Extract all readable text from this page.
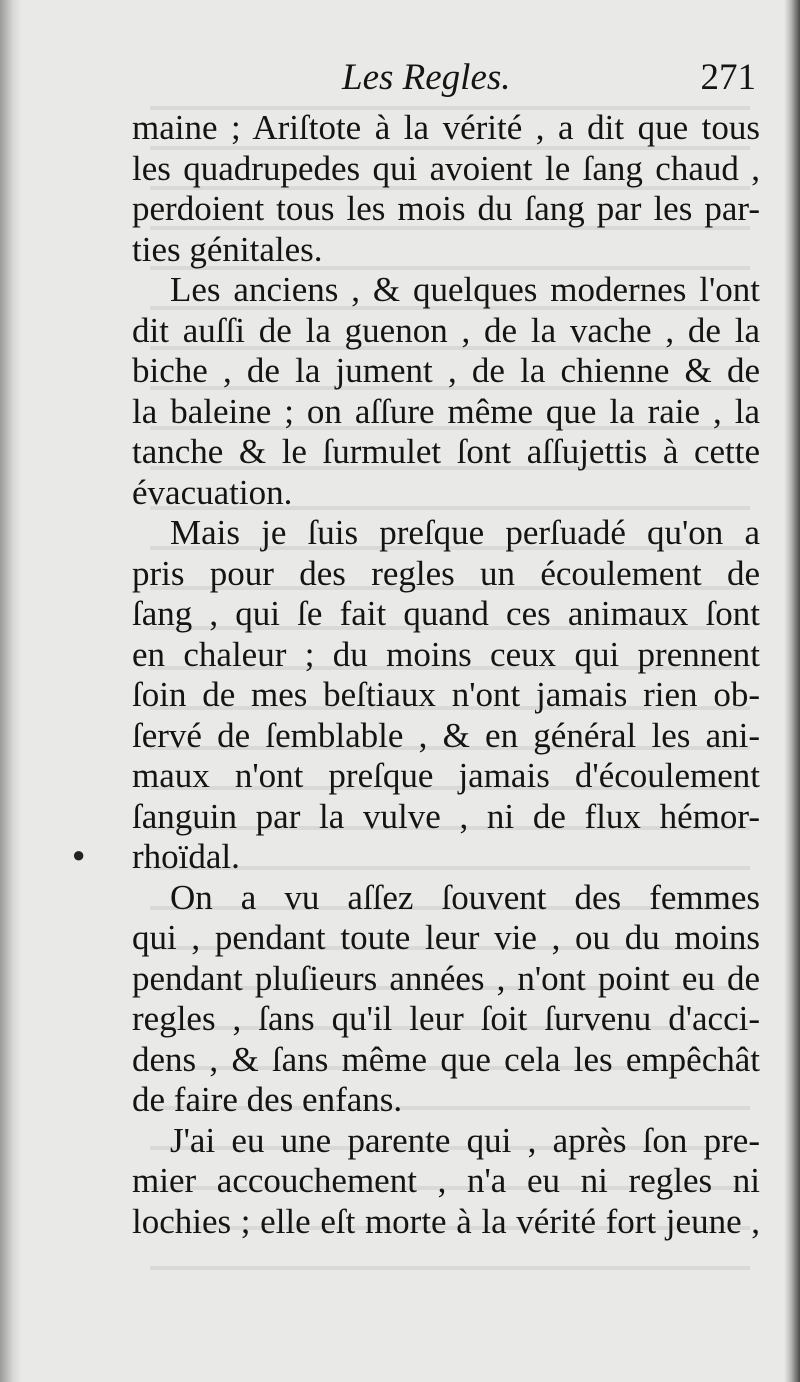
Les Regles.	271
maine ; Ariſtote à la vérité , a dit que tous
les quadrupedes qui avoient le ſang chaud ,
perdoient tous les mois du ſang par les par-
ties génitales.
Les anciens , & quelques modernes l'ont
dit auſſi de la guenon , de la vache , de la
biche , de la jument , de la chienne & de
la baleine ; on aſſure même que la raie , la
tanche & le ſurmulet ſont aſſujettis à cette
évacuation.
Mais je ſuis preſque perſuadé qu'on a
pris pour des regles un écoulement de
ſang , qui ſe fait quand ces animaux ſont
en chaleur ; du moins ceux qui prennent
ſoin de mes beſtiaux n'ont jamais rien ob-
ſervé de ſemblable , & en général les ani-
maux n'ont preſque jamais d'écoulement
ſanguin par la vulve , ni de flux hémor-
rhoïdal.
On a vu aſſez ſouvent des femmes
qui , pendant toute leur vie , ou du moins
pendant pluſieurs années , n'ont point eu de
regles , ſans qu'il leur ſoit ſurvenu d'acci-
dens , & ſans même que cela les empêchât
de faire des enfans.
J'ai eu une parente qui , après ſon pre-
mier accouchement , n'a eu ni regles ni
lochies ; elle eſt morte à la vérité fort jeune ,
●
